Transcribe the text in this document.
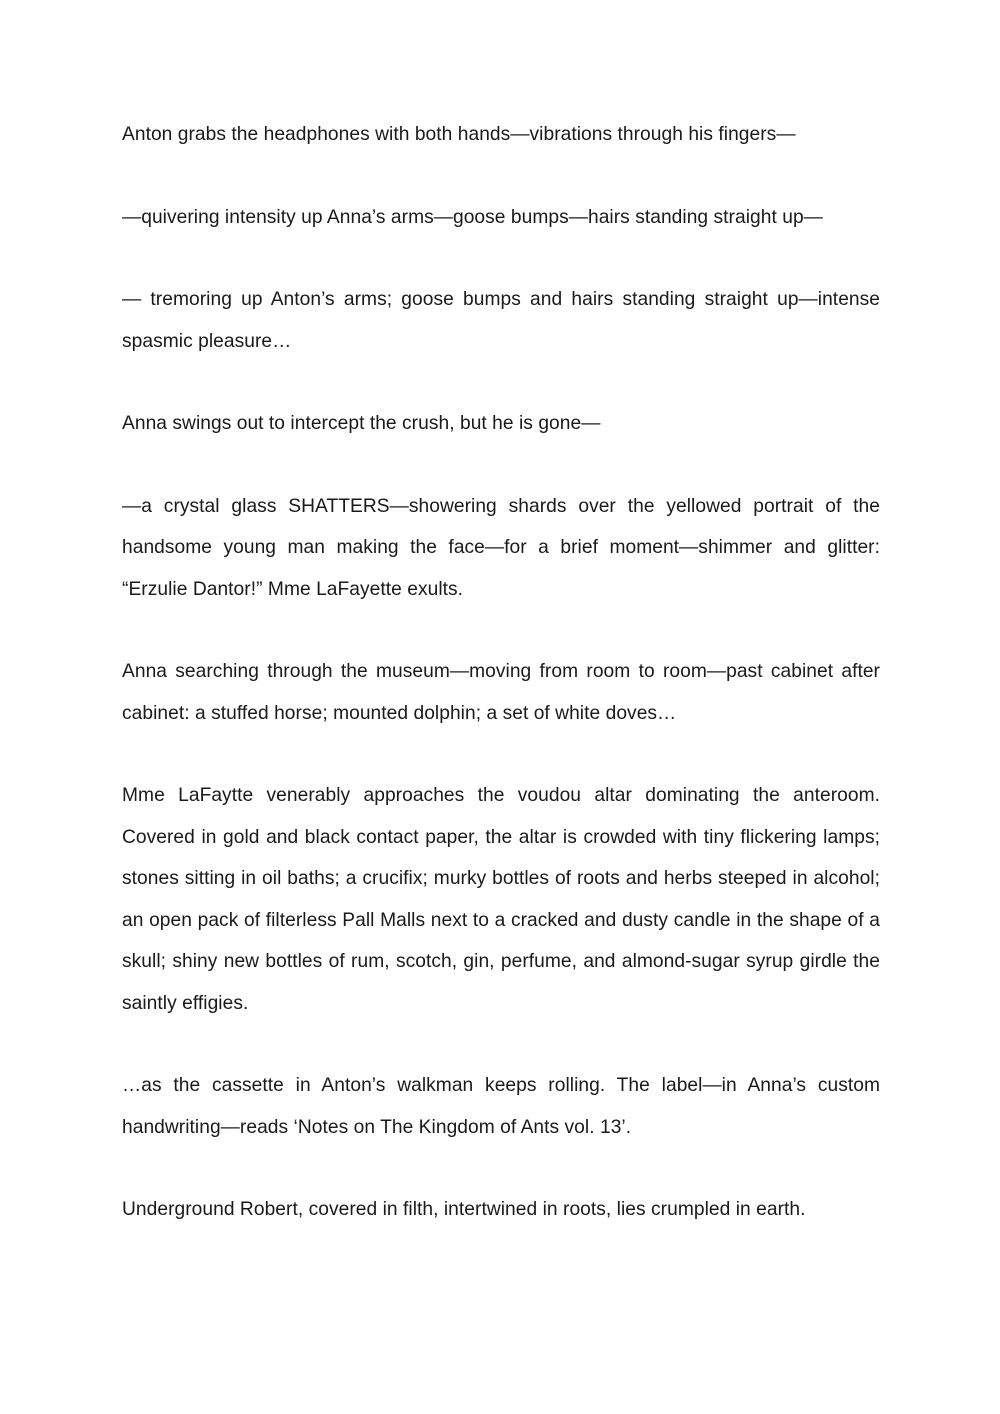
Anton grabs the headphones with both hands—vibrations through his fingers—

—quivering intensity up Anna’s arms—goose bumps—hairs standing straight up—

— tremoring up Anton’s arms; goose bumps and hairs standing straight up—intense spasmic pleasure…

Anna swings out to intercept the crush, but he is gone—

—a crystal glass SHATTERS—showering shards over the yellowed portrait of the handsome young man making the face—for a brief moment—shimmer and glitter: “Erzulie Dantor!” Mme LaFayette exults.

Anna searching through the museum—moving from room to room—past cabinet after cabinet: a stuffed horse; mounted dolphin; a set of white doves…

Mme LaFaytte venerably approaches the voudou altar dominating the anteroom. Covered in gold and black contact paper, the altar is crowded with tiny flickering lamps; stones sitting in oil baths; a crucifix; murky bottles of roots and herbs steeped in alcohol; an open pack of filterless Pall Malls next to a cracked and dusty candle in the shape of a skull; shiny new bottles of rum, scotch, gin, perfume, and almond-sugar syrup girdle the saintly effigies.

…as the cassette in Anton’s walkman keeps rolling. The label—in Anna’s custom handwriting—reads ‘Notes on The Kingdom of Ants vol. 13’.

Underground Robert, covered in filth, intertwined in roots, lies crumpled in earth.
